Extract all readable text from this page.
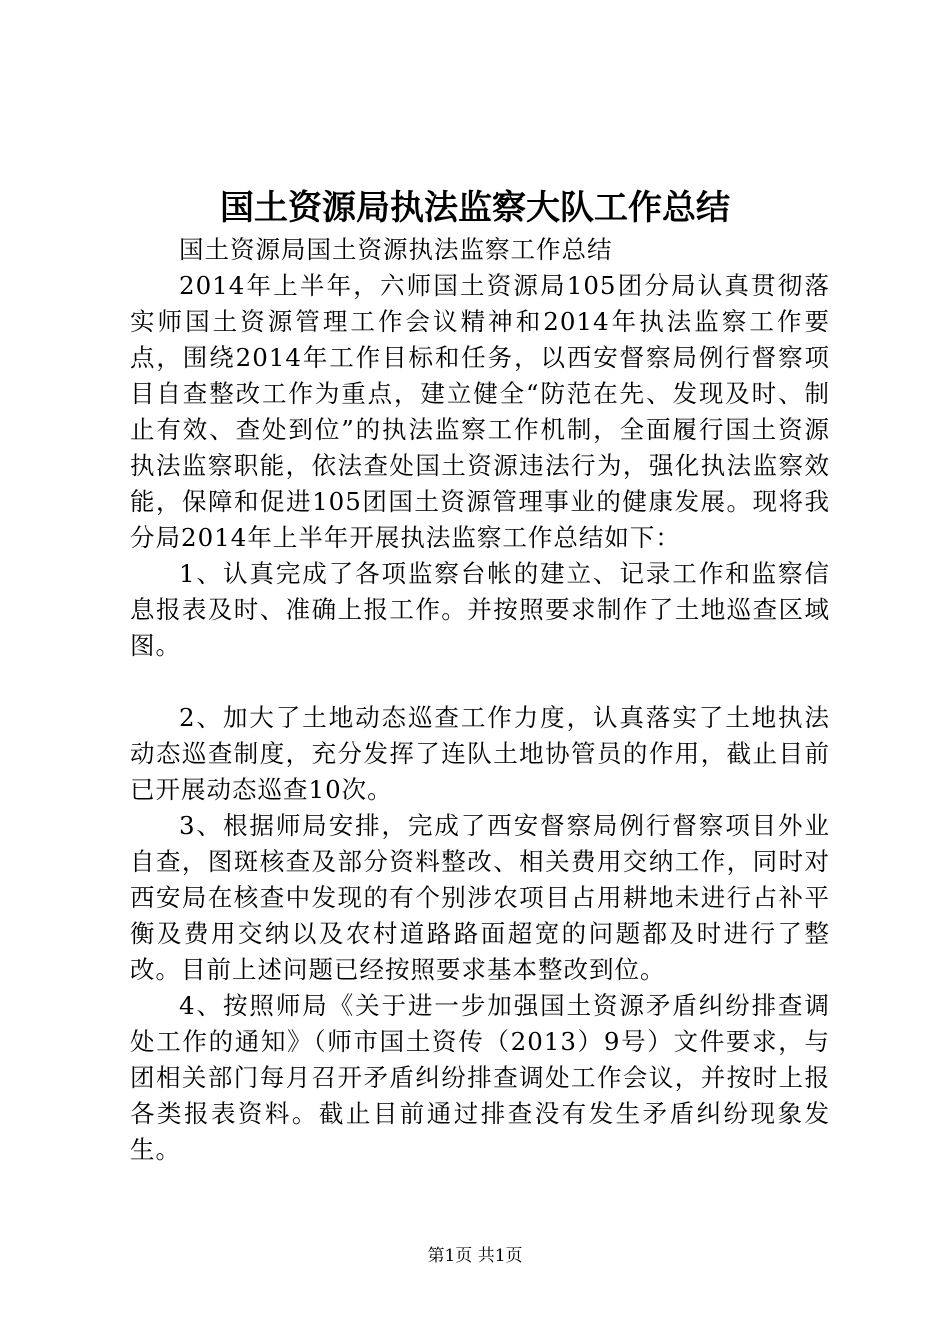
国土资源局执法监察大队工作总结

国土资源局国土资源执法监察工作总结

2014年上半年，六师国土资源局105团分局认真贯彻落实师国土资源管理工作会议精神和2014年执法监察工作要点，围绕2014年工作目标和任务，以西安督察局例行督察项目自查整改工作为重点，建立健全“防范在先、发现及时、制止有效、查处到位”的执法监察工作机制，全面履行国土资源执法监察职能，依法查处国土资源违法行为，强化执法监察效能，保障和促进105团国土资源管理事业的健康发展。现将我分局2014年上半年开展执法监察工作总结如下：

1、认真完成了各项监察台帐的建立、记录工作和监察信息报表及时、准确上报工作。并按照要求制作了土地巡查区域图。

2、加大了土地动态巡查工作力度，认真落实了土地执法动态巡查制度，充分发挥了连队土地协管员的作用，截止目前已开展动态巡查10次。

3、根据师局安排，完成了西安督察局例行督察项目外业自查，图斑核查及部分资料整改、相关费用交纳工作，同时对西安局在核查中发现的有个别涉农项目占用耕地未进行占补平衡及费用交纳以及农村道路路面超宽的问题都及时进行了整改。目前上述问题已经按照要求基本整改到位。

4、按照师局《关于进一步加强国土资源矛盾纠纷排查调处工作的通知》（师市国土资传（2013）9号）文件要求，与团相关部门每月召开矛盾纠纷排查调处工作会议，并按时上报各类报表资料。截止目前通过排查没有发生矛盾纠纷现象发生。

第1页 共1页
